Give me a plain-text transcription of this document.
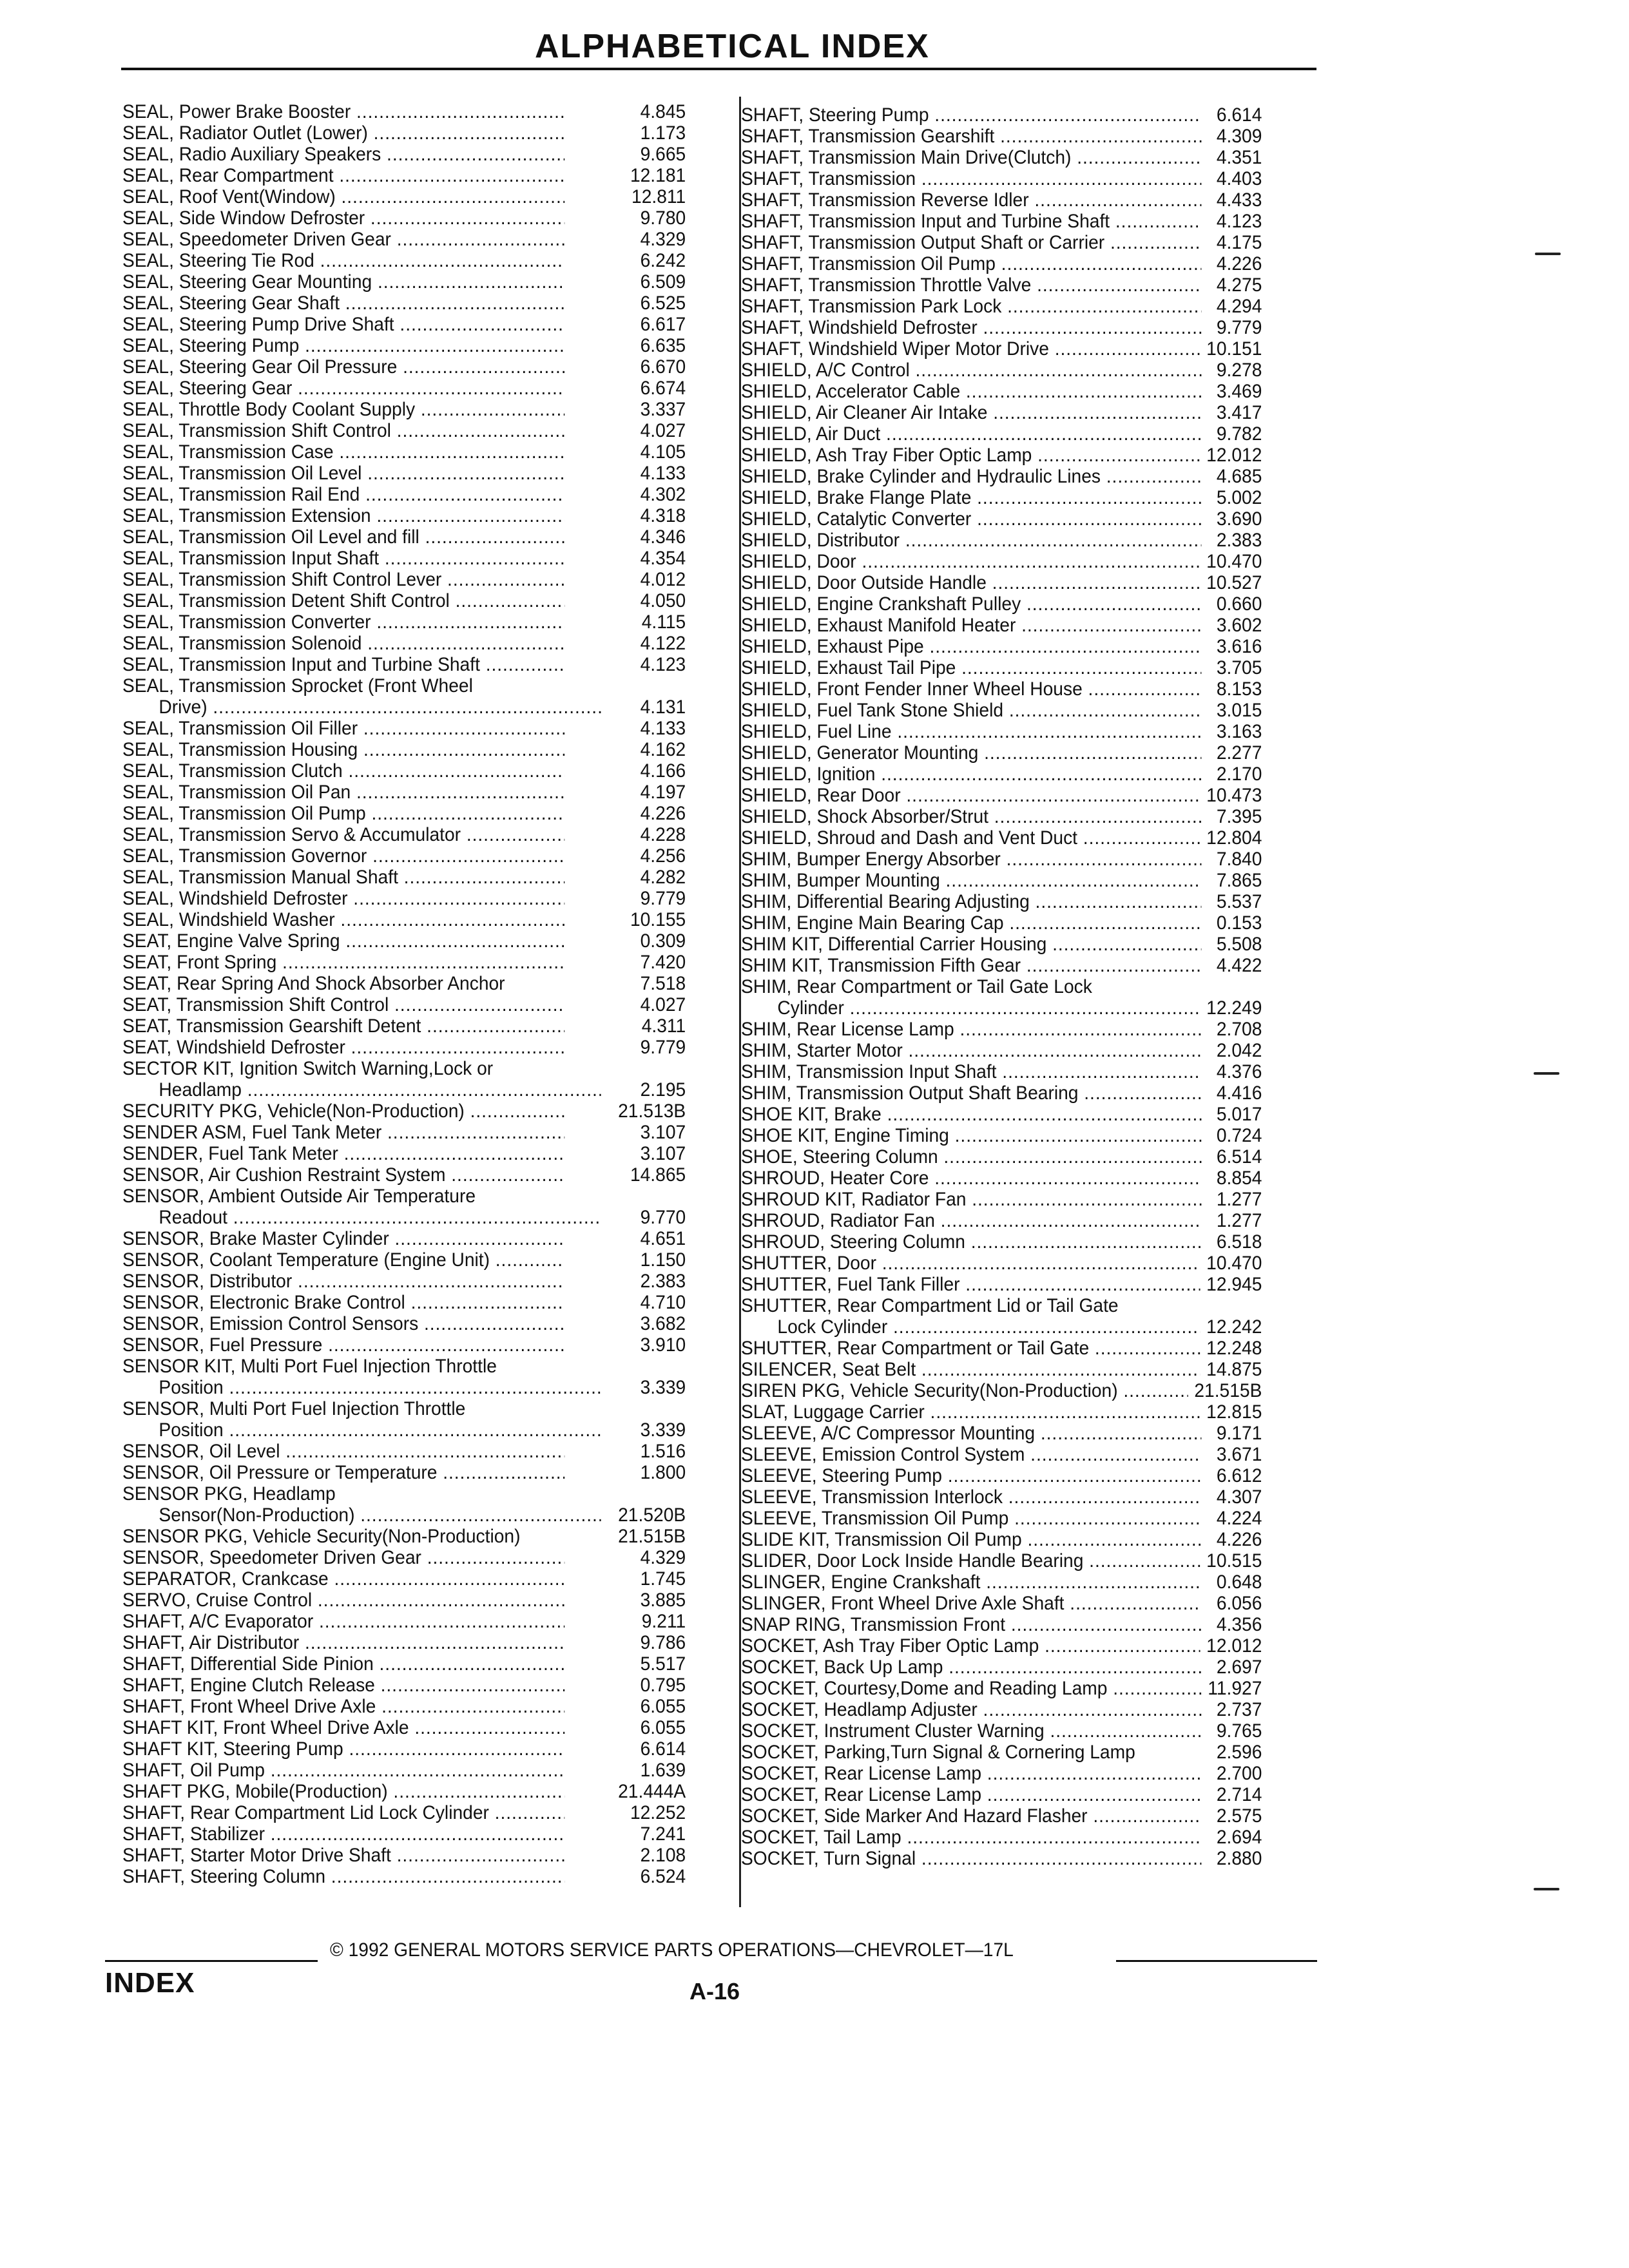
ALPHABETICAL INDEX
SEAL, Power Brake Booster .....	4.845
SEAL, Radiator Outlet (Lower) .....	1.173
SEAL, Radio Auxiliary Speakers .....	9.665
SEAL, Rear Compartment .....	12.181
SEAL, Roof Vent(Window) .....	12.811
SEAL, Side Window Defroster .....	9.780
SEAL, Speedometer Driven Gear .....	4.329
SEAL, Steering Tie Rod .....	6.242
SEAL, Steering Gear Mounting .....	6.509
SEAL, Steering Gear Shaft .....	6.525
SEAL, Steering Pump Drive Shaft .....	6.617
SEAL, Steering Pump .....	6.635
SEAL, Steering Gear Oil Pressure .....	6.670
SEAL, Steering Gear .....	6.674
SEAL, Throttle Body Coolant Supply .....	3.337
SEAL, Transmission Shift Control .....	4.027
SEAL, Transmission Case .....	4.105
SEAL, Transmission Oil Level .....	4.133
SEAL, Transmission Rail End .....	4.302
SEAL, Transmission Extension .....	4.318
SEAL, Transmission Oil Level and fill .....	4.346
SEAL, Transmission Input Shaft .....	4.354
SEAL, Transmission Shift Control Lever .....	4.012
SEAL, Transmission Detent Shift Control .....	4.050
SEAL, Transmission Converter .....	4.115
SEAL, Transmission Solenoid .....	4.122
SEAL, Transmission Input and Turbine Shaft .....	4.123
SEAL, Transmission Sprocket (Front Wheel
Drive) .....	4.131
SEAL, Transmission Oil Filler .....	4.133
SEAL, Transmission Housing .....	4.162
SEAL, Transmission Clutch .....	4.166
SEAL, Transmission Oil Pan .....	4.197
SEAL, Transmission Oil Pump .....	4.226
SEAL, Transmission Servo & Accumulator .....	4.228
SEAL, Transmission Governor .....	4.256
SEAL, Transmission Manual Shaft .....	4.282
SEAL, Windshield Defroster .....	9.779
SEAL, Windshield Washer .....	10.155
SEAT, Engine Valve Spring .....	0.309
SEAT, Front Spring .....	7.420
SEAT, Rear Spring And Shock Absorber Anchor	7.518
SEAT, Transmission Shift Control .....	4.027
SEAT, Transmission Gearshift Detent .....	4.311
SEAT, Windshield Defroster .....	9.779
SECTOR KIT, Ignition Switch Warning,Lock or
Headlamp .....	2.195
SECURITY PKG, Vehicle(Non-Production) .....	21.513B
SENDER ASM, Fuel Tank Meter .....	3.107
SENDER, Fuel Tank Meter .....	3.107
SENSOR, Air Cushion Restraint System .....	14.865
SENSOR, Ambient Outside Air Temperature
Readout .....	9.770
SENSOR, Brake Master Cylinder .....	4.651
SENSOR, Coolant Temperature (Engine Unit) .....	1.150
SENSOR, Distributor .....	2.383
SENSOR, Electronic Brake Control .....	4.710
SENSOR, Emission Control Sensors .....	3.682
SENSOR, Fuel Pressure .....	3.910
SENSOR KIT, Multi Port Fuel Injection Throttle
Position .....	3.339
SENSOR, Multi Port Fuel Injection Throttle
Position .....	3.339
SENSOR, Oil Level .....	1.516
SENSOR, Oil Pressure or Temperature .....	1.800
SENSOR PKG, Headlamp
Sensor(Non-Production) .....	21.520B
SENSOR PKG, Vehicle Security(Non-Production)	21.515B
SENSOR, Speedometer Driven Gear .....	4.329
SEPARATOR, Crankcase .....	1.745
SERVO, Cruise Control .....	3.885
SHAFT, A/C Evaporator .....	9.211
SHAFT, Air Distributor .....	9.786
SHAFT, Differential Side Pinion .....	5.517
SHAFT, Engine Clutch Release .....	0.795
SHAFT, Front Wheel Drive Axle .....	6.055
SHAFT KIT, Front Wheel Drive Axle .....	6.055
SHAFT KIT, Steering Pump .....	6.614
SHAFT, Oil Pump .....	1.639
SHAFT PKG, Mobile(Production) .....	21.444A
SHAFT, Rear Compartment Lid Lock Cylinder .....	12.252
SHAFT, Stabilizer .....	7.241
SHAFT, Starter Motor Drive Shaft .....	2.108
SHAFT, Steering Column .....	6.524
SHAFT, Steering Pump .....	6.614
SHAFT, Transmission Gearshift .....	4.309
SHAFT, Transmission Main Drive(Clutch) .....	4.351
SHAFT, Transmission .....	4.403
SHAFT, Transmission Reverse Idler .....	4.433
SHAFT, Transmission Input and Turbine Shaft .....	4.123
SHAFT, Transmission Output Shaft or Carrier .....	4.175
SHAFT, Transmission Oil Pump .....	4.226
SHAFT, Transmission Throttle Valve .....	4.275
SHAFT, Transmission Park Lock .....	4.294
SHAFT, Windshield Defroster .....	9.779
SHAFT, Windshield Wiper Motor Drive .....	10.151
SHIELD, A/C Control .....	9.278
SHIELD, Accelerator Cable .....	3.469
SHIELD, Air Cleaner Air Intake .....	3.417
SHIELD, Air Duct .....	9.782
SHIELD, Ash Tray Fiber Optic Lamp .....	12.012
SHIELD, Brake Cylinder and Hydraulic Lines .....	4.685
SHIELD, Brake Flange Plate .....	5.002
SHIELD, Catalytic Converter .....	3.690
SHIELD, Distributor .....	2.383
SHIELD, Door .....	10.470
SHIELD, Door Outside Handle .....	10.527
SHIELD, Engine Crankshaft Pulley .....	0.660
SHIELD, Exhaust Manifold Heater .....	3.602
SHIELD, Exhaust Pipe .....	3.616
SHIELD, Exhaust Tail Pipe .....	3.705
SHIELD, Front Fender Inner Wheel House .....	8.153
SHIELD, Fuel Tank Stone Shield .....	3.015
SHIELD, Fuel Line .....	3.163
SHIELD, Generator Mounting .....	2.277
SHIELD, Ignition .....	2.170
SHIELD, Rear Door .....	10.473
SHIELD, Shock Absorber/Strut .....	7.395
SHIELD, Shroud and Dash and Vent Duct .....	12.804
SHIM, Bumper Energy Absorber .....	7.840
SHIM, Bumper Mounting .....	7.865
SHIM, Differential Bearing Adjusting .....	5.537
SHIM, Engine Main Bearing Cap .....	0.153
SHIM KIT, Differential Carrier Housing .....	5.508
SHIM KIT, Transmission Fifth Gear .....	4.422
SHIM, Rear Compartment or Tail Gate Lock
Cylinder .....	12.249
SHIM, Rear License Lamp .....	2.708
SHIM, Starter Motor .....	2.042
SHIM, Transmission Input Shaft .....	4.376
SHIM, Transmission Output Shaft Bearing .....	4.416
SHOE KIT, Brake .....	5.017
SHOE KIT, Engine Timing .....	0.724
SHOE, Steering Column .....	6.514
SHROUD, Heater Core .....	8.854
SHROUD KIT, Radiator Fan .....	1.277
SHROUD, Radiator Fan .....	1.277
SHROUD, Steering Column .....	6.518
SHUTTER, Door .....	10.470
SHUTTER, Fuel Tank Filler .....	12.945
SHUTTER, Rear Compartment Lid or Tail Gate
Lock Cylinder .....	12.242
SHUTTER, Rear Compartment or Tail Gate .....	12.248
SILENCER, Seat Belt .....	14.875
SIREN PKG, Vehicle Security(Non-Production) .....	21.515B
SLAT, Luggage Carrier .....	12.815
SLEEVE, A/C Compressor Mounting .....	9.171
SLEEVE, Emission Control System .....	3.671
SLEEVE, Steering Pump .....	6.612
SLEEVE, Transmission Interlock .....	4.307
SLEEVE, Transmission Oil Pump .....	4.224
SLIDE KIT, Transmission Oil Pump .....	4.226
SLIDER, Door Lock Inside Handle Bearing .....	10.515
SLINGER, Engine Crankshaft .....	0.648
SLINGER, Front Wheel Drive Axle Shaft .....	6.056
SNAP RING, Transmission Front .....	4.356
SOCKET, Ash Tray Fiber Optic Lamp .....	12.012
SOCKET, Back Up Lamp .....	2.697
SOCKET, Courtesy,Dome and Reading Lamp .....	11.927
SOCKET, Headlamp Adjuster .....	2.737
SOCKET, Instrument Cluster Warning .....	9.765
SOCKET, Parking,Turn Signal & Cornering Lamp	2.596
SOCKET, Rear License Lamp .....	2.700
SOCKET, Rear License Lamp .....	2.714
SOCKET, Side Marker And Hazard Flasher .....	2.575
SOCKET, Tail Lamp .....	2.694
SOCKET, Turn Signal .....	2.880
© 1992 GENERAL MOTORS SERVICE PARTS OPERATIONS—CHEVROLET—17L
INDEX	A-16
